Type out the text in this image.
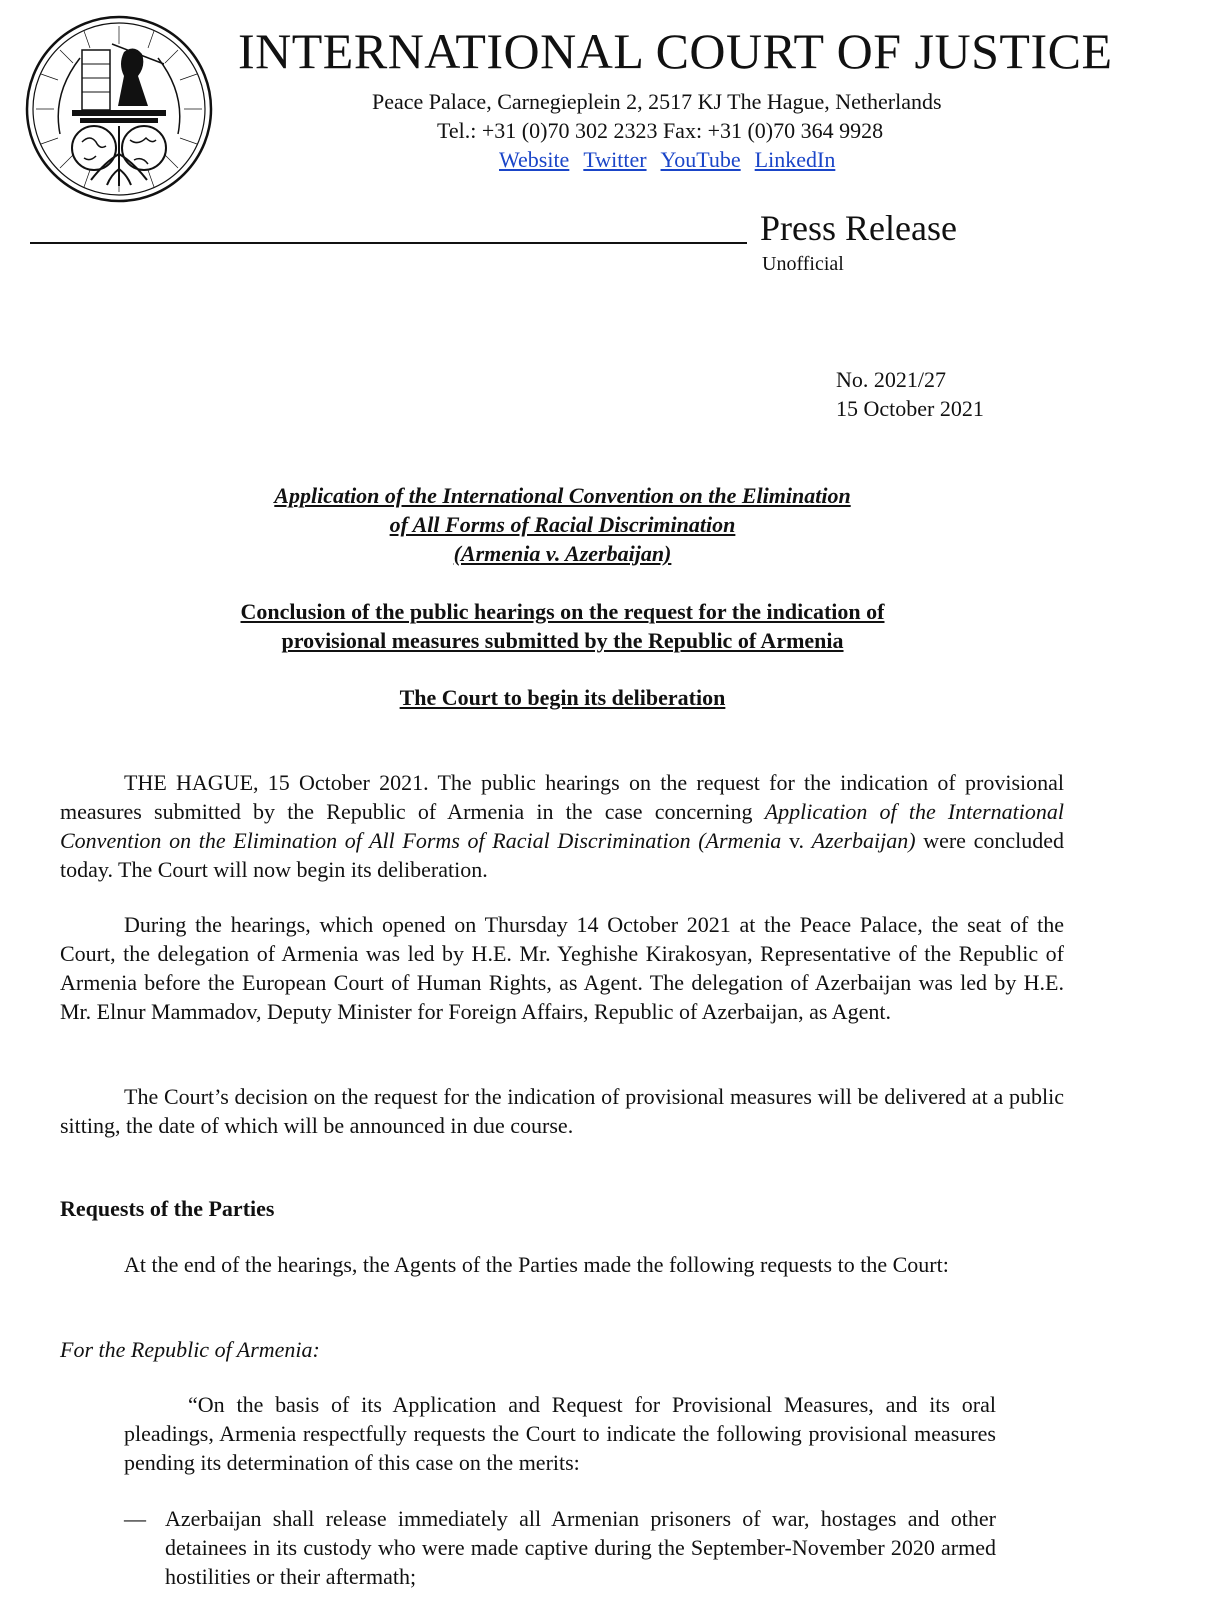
INTERNATIONAL COURT OF JUSTICE
Peace Palace, Carnegieplein 2, 2517 KJ The Hague, Netherlands
Tel.: +31 (0)70 302 2323 Fax: +31 (0)70 364 9928
Website Twitter YouTube LinkedIn
Press Release
Unofficial
No. 2021/27
15 October 2021
Application of the International Convention on the Elimination
of All Forms of Racial Discrimination
(Armenia v. Azerbaijan)
Conclusion of the public hearings on the request for the indication of
provisional measures submitted by the Republic of Armenia
The Court to begin its deliberation
THE HAGUE, 15 October 2021. The public hearings on the request for the indication of provisional measures submitted by the Republic of Armenia in the case concerning Application of the International Convention on the Elimination of All Forms of Racial Discrimination (Armenia v. Azerbaijan) were concluded today. The Court will now begin its deliberation.
During the hearings, which opened on Thursday 14 October 2021 at the Peace Palace, the seat of the Court, the delegation of Armenia was led by H.E. Mr. Yeghishe Kirakosyan, Representative of the Republic of Armenia before the European Court of Human Rights, as Agent. The delegation of Azerbaijan was led by H.E. Mr. Elnur Mammadov, Deputy Minister for Foreign Affairs, Republic of Azerbaijan, as Agent.
The Court’s decision on the request for the indication of provisional measures will be delivered at a public sitting, the date of which will be announced in due course.
Requests of the Parties
At the end of the hearings, the Agents of the Parties made the following requests to the Court:
For the Republic of Armenia:
“On the basis of its Application and Request for Provisional Measures, and its oral pleadings, Armenia respectfully requests the Court to indicate the following provisional measures pending its determination of this case on the merits:
— Azerbaijan shall release immediately all Armenian prisoners of war, hostages and other detainees in its custody who were made captive during the September-November 2020 armed hostilities or their aftermath;
